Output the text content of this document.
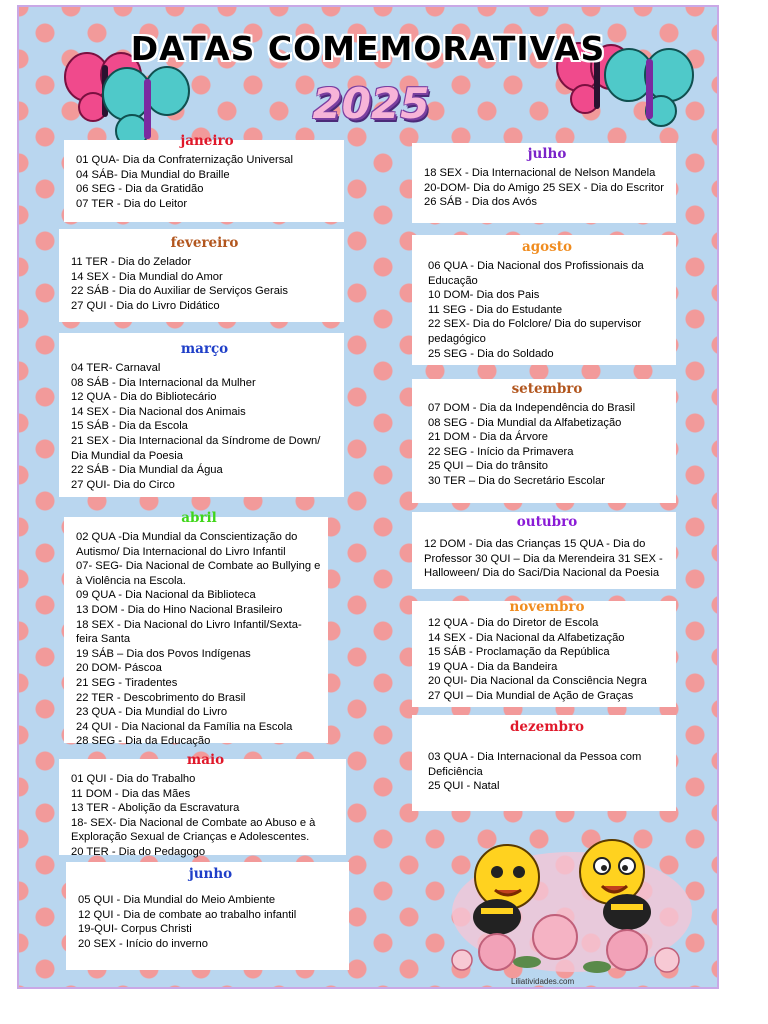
DATAS COMEMORATIVAS
2025
janeiro
01 QUA- Dia da Confraternização Universal
04 SÁB- Dia Mundial do Braille
06 SEG - Dia da Gratidão
07 TER - Dia do Leitor
fevereiro
11 TER - Dia do Zelador
14 SEX - Dia Mundial do Amor
22 SÁB - Dia do Auxiliar de Serviços Gerais
27 QUI - Dia do Livro Didático
março
04 TER- Carnaval
08 SÁB - Dia Internacional da Mulher
12 QUA - Dia do Bibliotecário
14 SEX - Dia Nacional dos Animais
15 SÁB - Dia da Escola
21 SEX - Dia Internacional da Síndrome de Down/ Dia Mundial da Poesia
22 SÁB - Dia Mundial da Água
27 QUI- Dia do Circo
abril
02 QUA -Dia Mundial da Conscientização do Autismo/ Dia Internacional do Livro Infantil
07- SEG- Dia Nacional de Combate ao Bullying e à Violência na Escola.
09 QUA - Dia Nacional da Biblioteca
13 DOM - Dia do Hino Nacional Brasileiro
18 SEX - Dia Nacional do Livro Infantil/Sexta-feira Santa
19 SÁB – Dia dos Povos Indígenas
20 DOM- Páscoa
21 SEG - Tiradentes
22 TER - Descobrimento do Brasil
23 QUA - Dia Mundial do Livro
24 QUI - Dia Nacional da Família na Escola
28 SEG - Dia da Educação
maio
01 QUI - Dia do Trabalho
11 DOM - Dia das Mães
13 TER - Abolição da Escravatura
18- SEX- Dia Nacional de Combate ao Abuso e à Exploração Sexual de Crianças e Adolescentes.
20 TER - Dia do Pedagogo
junho
05 QUI - Dia Mundial do Meio Ambiente
12 QUI - Dia de combate ao trabalho infantil
19-QUI- Corpus Christi
20 SEX - Início do inverno
julho
18 SEX - Dia Internacional de Nelson Mandela
20-DOM- Dia do Amigo 25 SEX - Dia do Escritor
26 SÁB - Dia dos Avós
agosto
06 QUA - Dia Nacional dos Profissionais da Educação
10 DOM- Dia dos Pais
11 SEG - Dia do Estudante
22 SEX- Dia do Folclore/ Dia do supervisor pedagógico
25 SEG - Dia do Soldado
setembro
07 DOM - Dia da Independência do Brasil
08 SEG - Dia Mundial da Alfabetização
21 DOM - Dia da Árvore
22 SEG - Início da Primavera
25 QUI – Dia do trânsito
30 TER – Dia do Secretário Escolar
outubro
12 DOM - Dia das Crianças 15 QUA - Dia do Professor 30 QUI – Dia da Merendeira 31 SEX - Halloween/ Dia do Saci/Dia Nacional da Poesia
novembro
12 QUA - Dia do Diretor de Escola
14 SEX - Dia Nacional da Alfabetização
15 SÁB - Proclamação da República
19 QUA - Dia da Bandeira
20 QUI- Dia Nacional da Consciência Negra
27 QUI – Dia Mundial de Ação de Graças
dezembro
03 QUA - Dia Internacional da Pessoa com Deficiência
25 QUI - Natal
Liliatividades.com
